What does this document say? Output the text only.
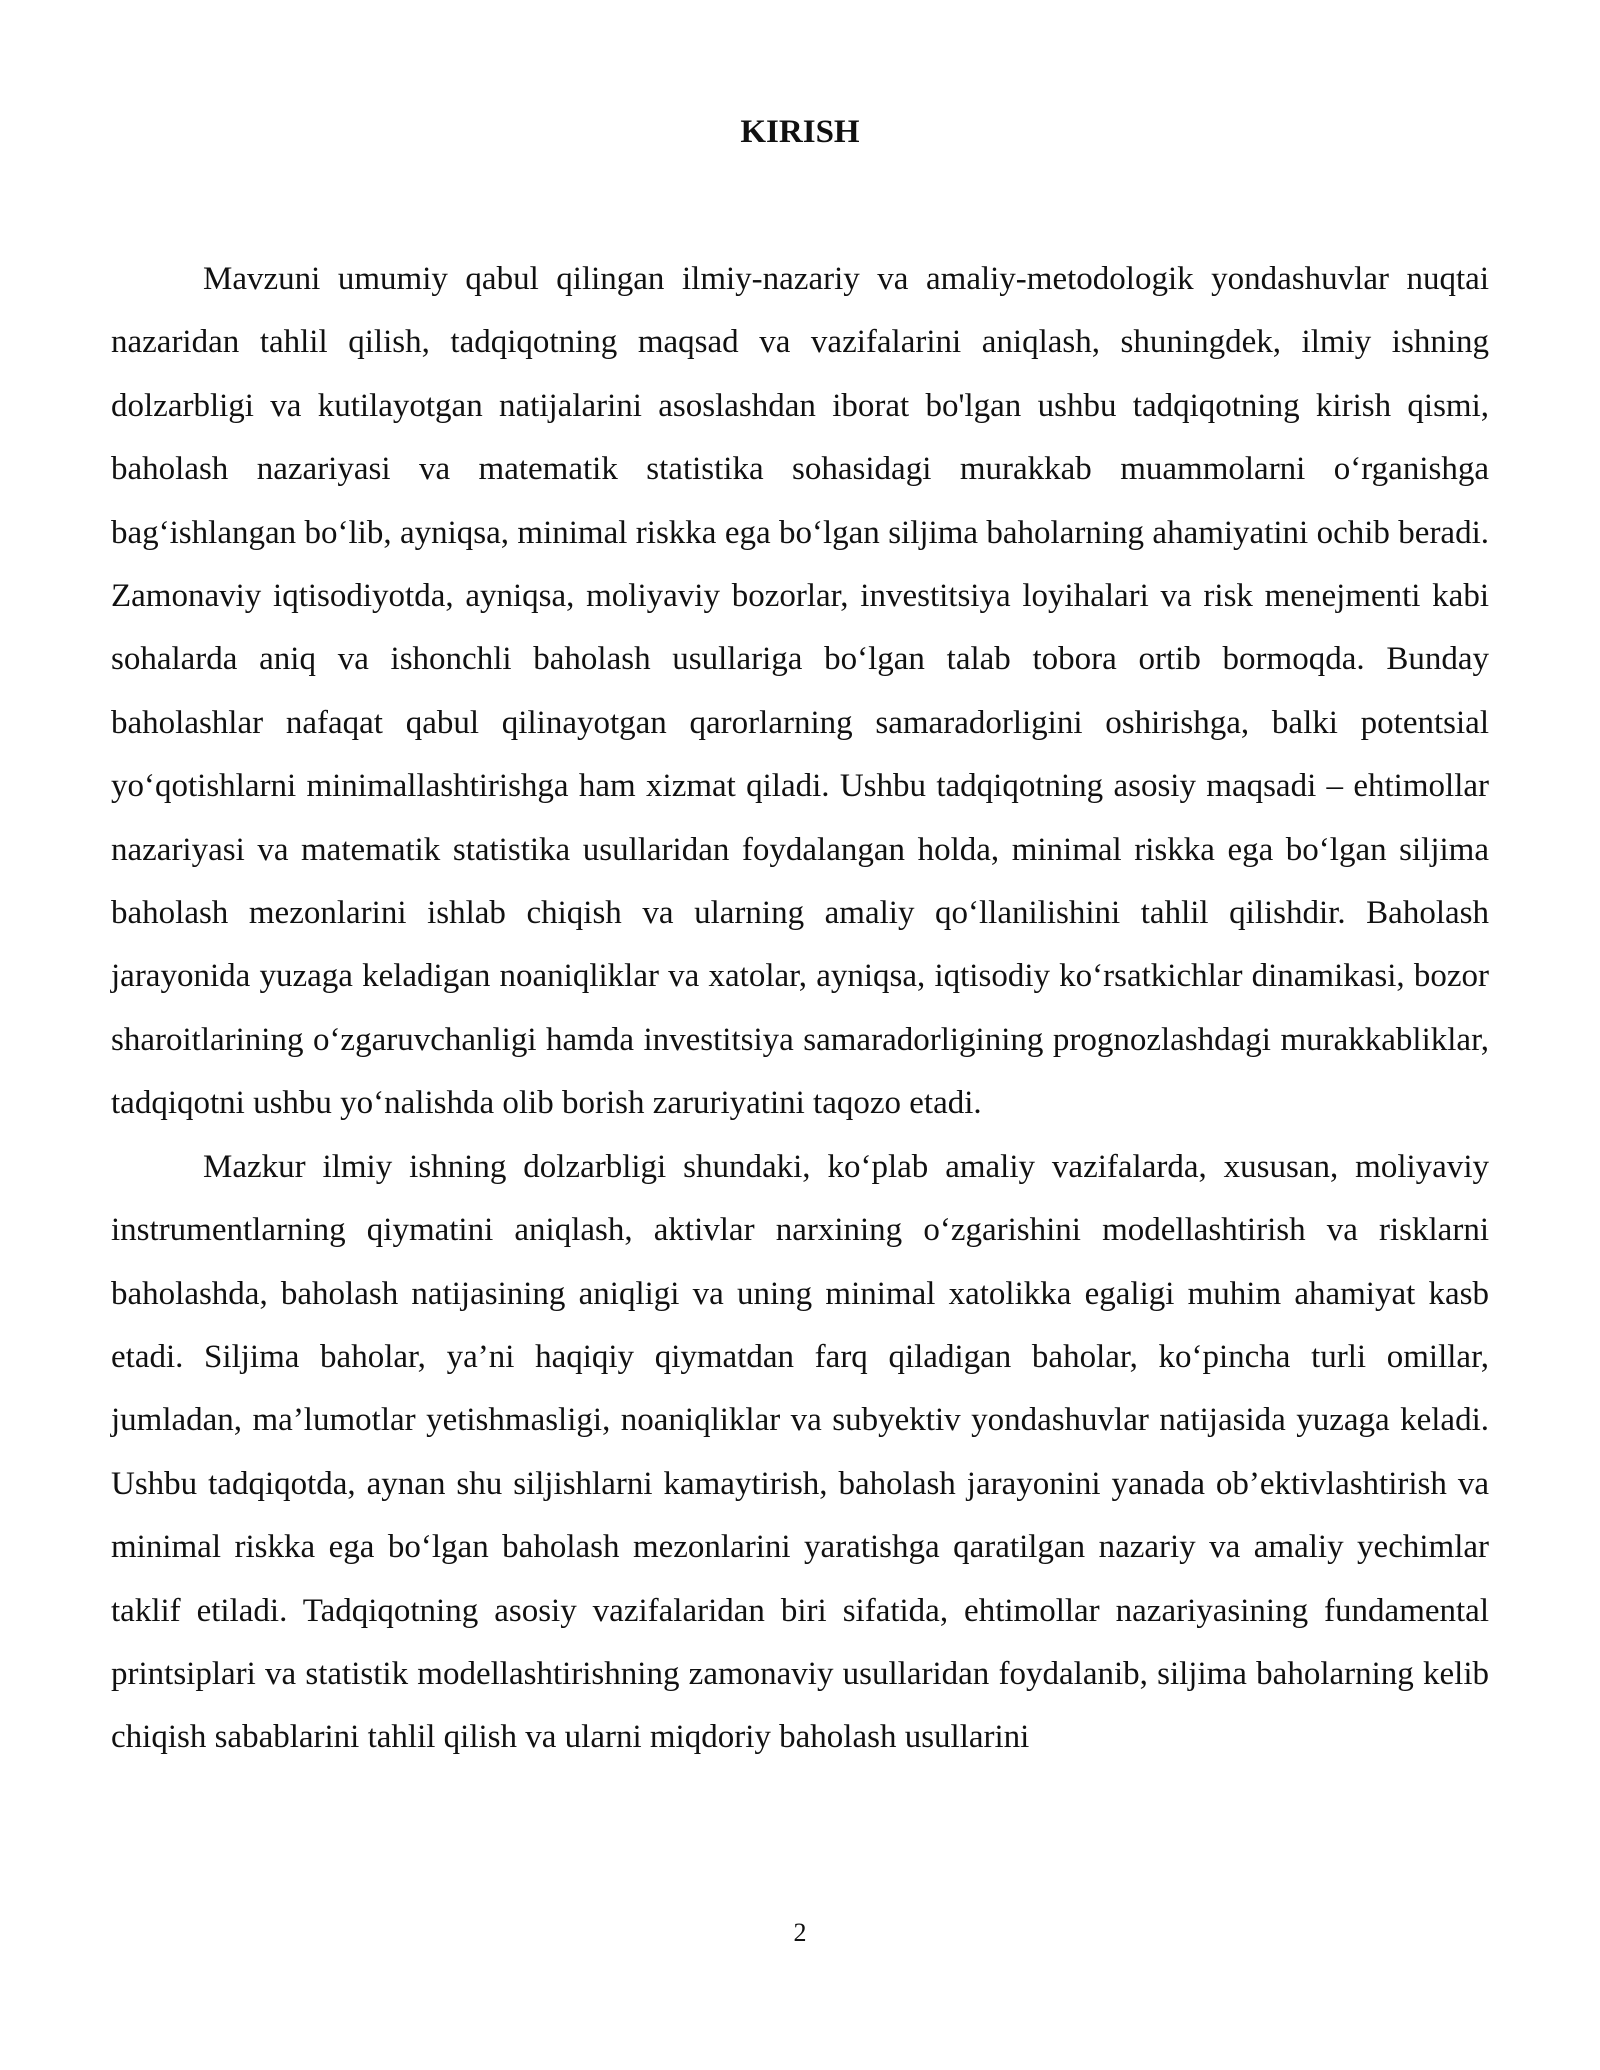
KIRISH

Mavzuni umumiy qabul qilingan ilmiy-nazariy va amaliy-metodologik yondashuvlar nuqtai nazaridan tahlil qilish, tadqiqotning maqsad va vazifalarini aniqlash, shuningdek, ilmiy ishning dolzarbligi va kutilayotgan natijalarini asoslashdan iborat bo'lgan ushbu tadqiqotning kirish qismi, baholash nazariyasi va matematik statistika sohasidagi murakkab muammolarni o‘rganishga bag‘ishlangan bo‘lib, ayniqsa, minimal riskka ega bo‘lgan siljima baholarning ahamiyatini ochib beradi. Zamonaviy iqtisodiyotda, ayniqsa, moliyaviy bozorlar, investitsiya loyihalari va risk menejmenti kabi sohalarda aniq va ishonchli baholash usullariga bo‘lgan talab tobora ortib bormoqda. Bunday baholashlar nafaqat qabul qilinayotgan qarorlarning samaradorligini oshirishga, balki potentsial yo‘qotishlarni minimallashtirishga ham xizmat qiladi. Ushbu tadqiqotning asosiy maqsadi – ehtimollar nazariyasi va matematik statistika usullaridan foydalangan holda, minimal riskka ega bo‘lgan siljima baholash mezonlarini ishlab chiqish va ularning amaliy qo‘llanilishini tahlil qilishdir. Baholash jarayonida yuzaga keladigan noaniqliklar va xatolar, ayniqsa, iqtisodiy ko‘rsatkichlar dinamikasi, bozor sharoitlarining o‘zgaruvchanligi hamda investitsiya samaradorligining prognozlashdagi murakkabliklar, tadqiqotni ushbu yo‘nalishda olib borish zaruriyatini taqozo etadi.

Mazkur ilmiy ishning dolzarbligi shundaki, ko‘plab amaliy vazifalarda, xususan, moliyaviy instrumentlarning qiymatini aniqlash, aktivlar narxining o‘zgarishini modellashtirish va risklarni baholashda, baholash natijasining aniqligi va uning minimal xatolikka egaligi muhim ahamiyat kasb etadi. Siljima baholar, ya’ni haqiqiy qiymatdan farq qiladigan baholar, ko‘pincha turli omillar, jumladan, ma’lumotlar yetishmasligi, noaniqliklar va subyektiv yondashuvlar natijasida yuzaga keladi. Ushbu tadqiqotda, aynan shu siljishlarni kamaytirish, baholash jarayonini yanada ob’ektivlashtirish va minimal riskka ega bo‘lgan baholash mezonlarini yaratishga qaratilgan nazariy va amaliy yechimlar taklif etiladi. Tadqiqotning asosiy vazifalaridan biri sifatida, ehtimollar nazariyasining fundamental printsiplari va statistik modellashtirishning zamonaviy usullaridan foydalanib, siljima baholarning kelib chiqish sabablarini tahlil qilish va ularni miqdoriy baholash usullarini

2
